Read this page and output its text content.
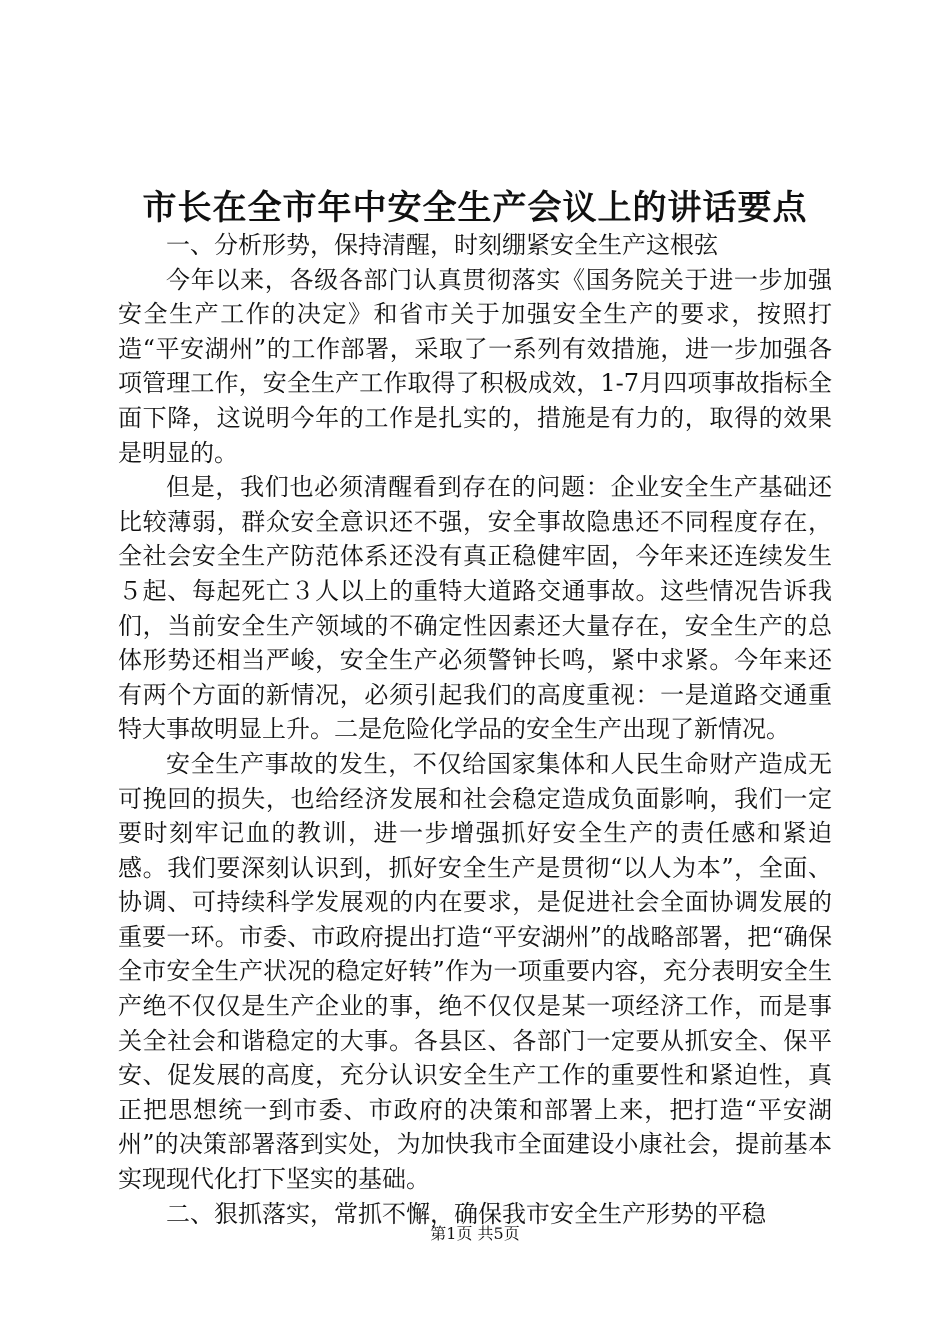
市长在全市年中安全生产会议上的讲话要点

一、分析形势，保持清醒，时刻绷紧安全生产这根弦

今年以来，各级各部门认真贯彻落实《国务院关于进一步加强安全生产工作的决定》和省市关于加强安全生产的要求，按照打造“平安湖州”的工作部署，采取了一系列有效措施，进一步加强各项管理工作，安全生产工作取得了积极成效，1-7月四项事故指标全面下降，这说明今年的工作是扎实的，措施是有力的，取得的效果是明显的。

但是，我们也必须清醒看到存在的问题：企业安全生产基础还比较薄弱，群众安全意识还不强，安全事故隐患还不同程度存在，全社会安全生产防范体系还没有真正稳健牢固，今年来还连续发生５起、每起死亡３人以上的重特大道路交通事故。这些情况告诉我们，当前安全生产领域的不确定性因素还大量存在，安全生产的总体形势还相当严峻，安全生产必须警钟长鸣，紧中求紧。今年来还有两个方面的新情况，必须引起我们的高度重视：一是道路交通重特大事故明显上升。二是危险化学品的安全生产出现了新情况。

安全生产事故的发生，不仅给国家集体和人民生命财产造成无可挽回的损失，也给经济发展和社会稳定造成负面影响，我们一定要时刻牢记血的教训，进一步增强抓好安全生产的责任感和紧迫感。我们要深刻认识到，抓好安全生产是贯彻“以人为本”，全面、协调、可持续科学发展观的内在要求，是促进社会全面协调发展的重要一环。市委、市政府提出打造“平安湖州”的战略部署，把“确保全市安全生产状况的稳定好转”作为一项重要内容，充分表明安全生产绝不仅仅是生产企业的事，绝不仅仅是某一项经济工作，而是事关全社会和谐稳定的大事。各县区、各部门一定要从抓安全、保平安、促发展的高度，充分认识安全生产工作的重要性和紧迫性，真正把思想统一到市委、市政府的决策和部署上来，把打造“平安湖州”的决策部署落到实处，为加快我市全面建设小康社会，提前基本实现现代化打下坚实的基础。

二、狠抓落实，常抓不懈，确保我市安全生产形势的平稳

第1页 共5页
